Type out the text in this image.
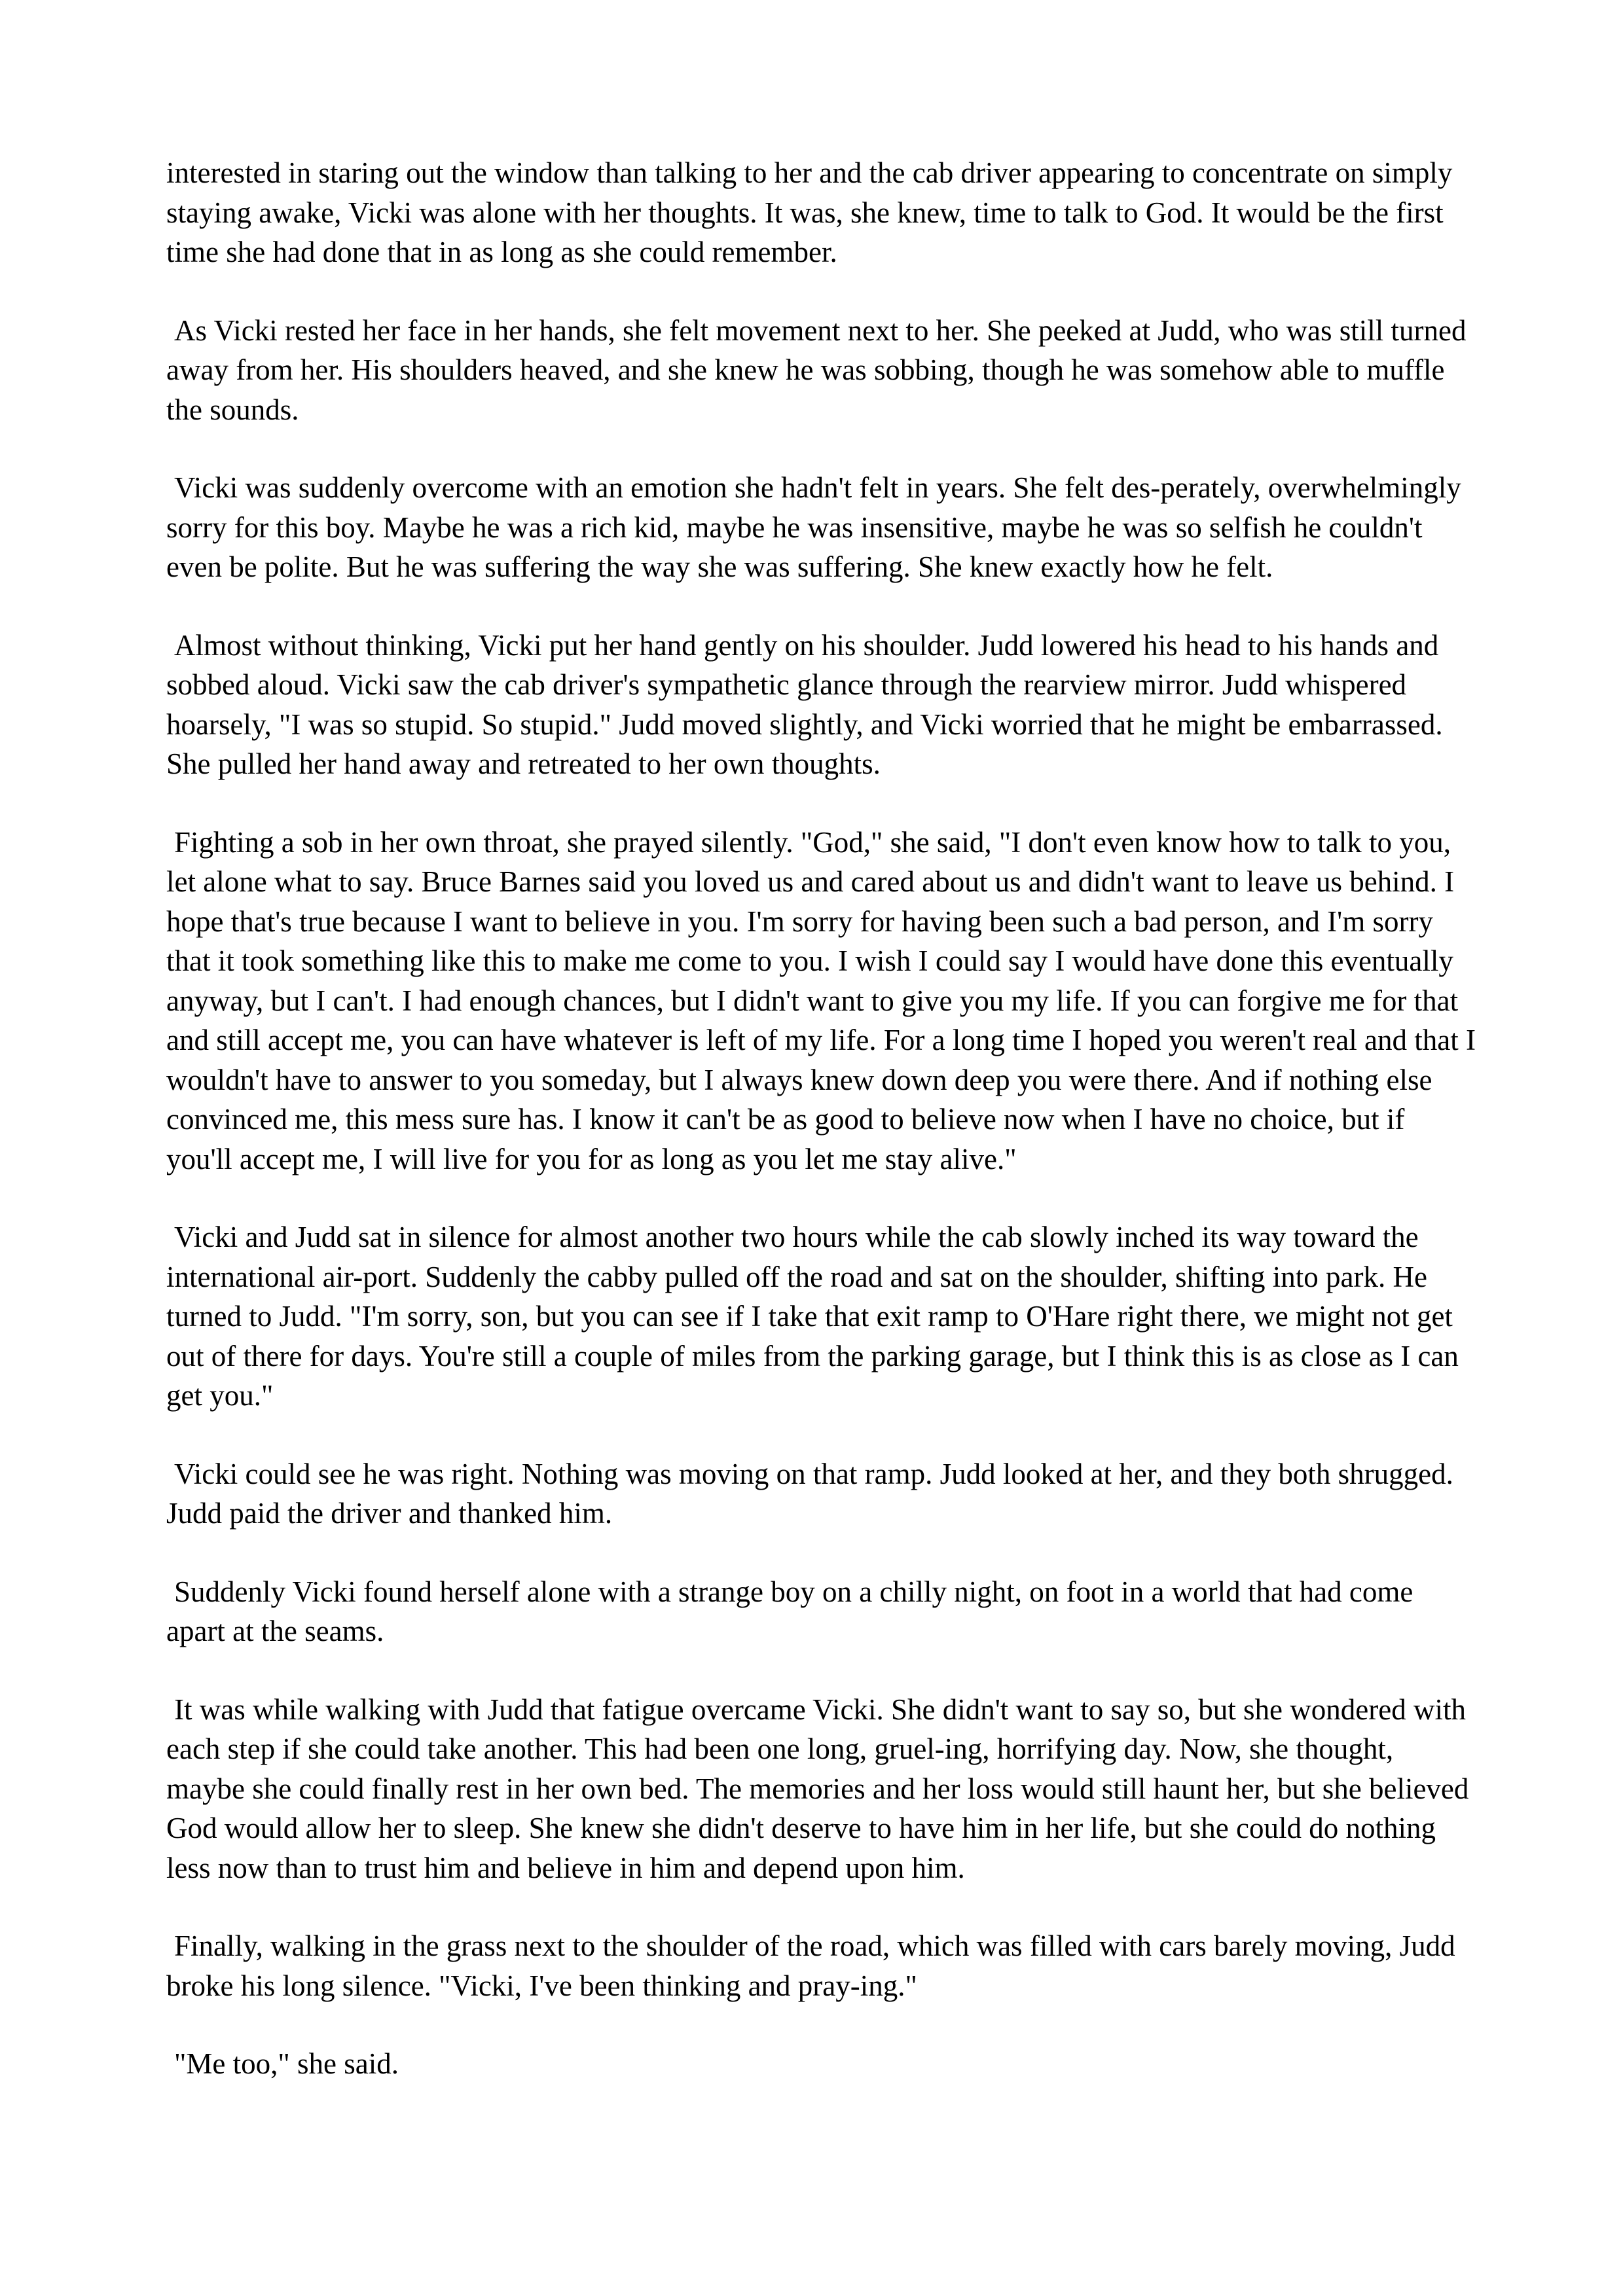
interested in staring out the window than talking to her and the cab driver appearing to concentrate on simply staying awake, Vicki was alone with her thoughts. It was, she knew, time to talk to God. It would be the first time she had done that in as long as she could remember.

As Vicki rested her face in her hands, she felt movement next to her. She peeked at Judd, who was still turned away from her. His shoulders heaved, and she knew he was sobbing, though he was somehow able to muffle the sounds.

Vicki was suddenly overcome with an emotion she hadn't felt in years. She felt des-perately, overwhelmingly sorry for this boy. Maybe he was a rich kid, maybe he was insensitive, maybe he was so selfish he couldn't even be polite. But he was suffering the way she was suffering. She knew exactly how he felt.

Almost without thinking, Vicki put her hand gently on his shoulder. Judd lowered his head to his hands and sobbed aloud. Vicki saw the cab driver's sympathetic glance through the rearview mirror. Judd whispered hoarsely, "I was so stupid. So stupid." Judd moved slightly, and Vicki worried that he might be embarrassed. She pulled her hand away and retreated to her own thoughts.

Fighting a sob in her own throat, she prayed silently. "God," she said, "I don't even know how to talk to you, let alone what to say. Bruce Barnes said you loved us and cared about us and didn't want to leave us behind. I hope that's true because I want to believe in you. I'm sorry for having been such a bad person, and I'm sorry that it took something like this to make me come to you. I wish I could say I would have done this eventually anyway, but I can't. I had enough chances, but I didn't want to give you my life. If you can forgive me for that and still accept me, you can have whatever is left of my life. For a long time I hoped you weren't real and that I wouldn't have to answer to you someday, but I always knew down deep you were there. And if nothing else convinced me, this mess sure has. I know it can't be as good to believe now when I have no choice, but if you'll accept me, I will live for you for as long as you let me stay alive."

Vicki and Judd sat in silence for almost another two hours while the cab slowly inched its way toward the international air-port. Suddenly the cabby pulled off the road and sat on the shoulder, shifting into park. He turned to Judd. "I'm sorry, son, but you can see if I take that exit ramp to O'Hare right there, we might not get out of there for days. You're still a couple of miles from the parking garage, but I think this is as close as I can get you."

Vicki could see he was right. Nothing was moving on that ramp. Judd looked at her, and they both shrugged. Judd paid the driver and thanked him.

Suddenly Vicki found herself alone with a strange boy on a chilly night, on foot in a world that had come apart at the seams.

It was while walking with Judd that fatigue overcame Vicki. She didn't want to say so, but she wondered with each step if she could take another. This had been one long, gruel-ing, horrifying day. Now, she thought, maybe she could finally rest in her own bed. The memories and her loss would still haunt her, but she believed God would allow her to sleep. She knew she didn't deserve to have him in her life, but she could do nothing less now than to trust him and believe in him and depend upon him.

Finally, walking in the grass next to the shoulder of the road, which was filled with cars barely moving, Judd broke his long silence. "Vicki, I've been thinking and pray-ing."

"Me too," she said.
